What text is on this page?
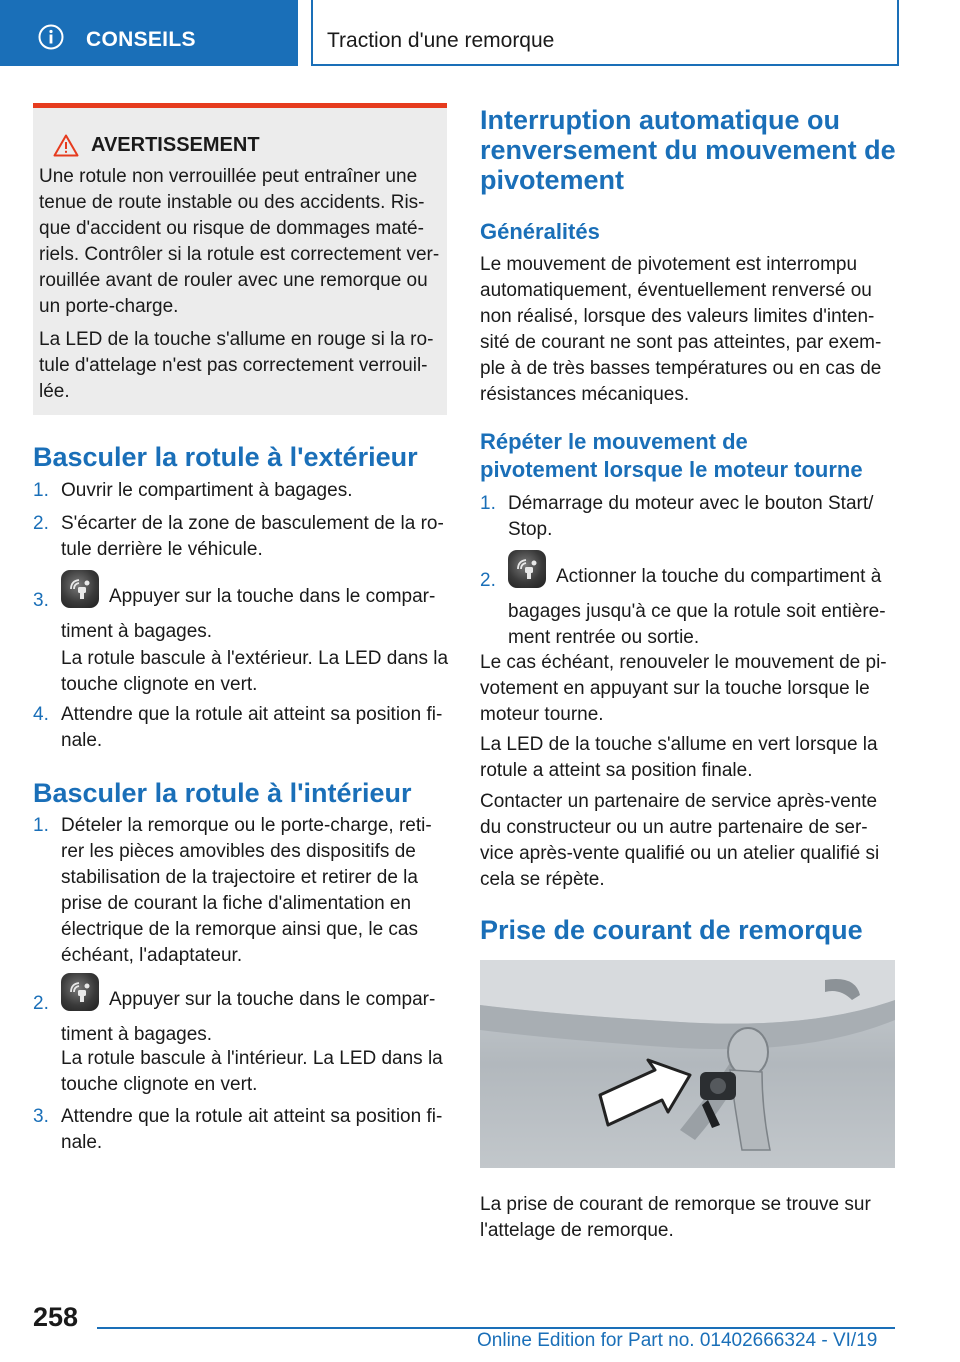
CONSEILS	Traction d'une remorque
AVERTISSEMENT

Une rotule non verrouillée peut entraîner une
tenue de route instable ou des accidents. Ris-
que d'accident ou risque de dommages maté-
riels. Contrôler si la rotule est correctement ver-
rouillée avant de rouler avec une remorque ou
un porte-charge.

La LED de la touche s'allume en rouge si la ro-
tule d'attelage n'est pas correctement verrouil-
lée.

Basculer la rotule à l'extérieur
1. Ouvrir le compartiment à bagages.
2. S'écarter de la zone de basculement de la ro-
tule derrière le véhicule.
3.	Appuyer sur la touche dans le compar-
timent à bagages.
La rotule bascule à l'extérieur. La LED dans la
touche clignote en vert.
4. Attendre que la rotule ait atteint sa position fi-
nale.
Basculer la rotule à l'intérieur
1. Dételer la remorque ou le porte-charge, reti-
rer les pièces amovibles des dispositifs de
stabilisation de la trajectoire et retirer de la
prise de courant la fiche d'alimentation en
électrique de la remorque ainsi que, le cas
échéant, l'adaptateur.
2.	Appuyer sur la touche dans le compar-
timent à bagages.
La rotule bascule à l'intérieur. La LED dans la
touche clignote en vert.
3. Attendre que la rotule ait atteint sa position fi-
nale.
Interruption automatique ou
renversement du mouvement de
pivotement
Généralités
Le mouvement de pivotement est interrompu
automatiquement, éventuellement renversé ou
non réalisé, lorsque des valeurs limites d'inten-
sité de courant ne sont pas atteintes, par exem-
ple à de très basses températures ou en cas de
résistances mécaniques.
Répéter le mouvement de
pivotement lorsque le moteur tourne
1. Démarrage du moteur avec le bouton Start/
Stop.
2.	Actionner la touche du compartiment à
bagages jusqu'à ce que la rotule soit entière-
ment rentrée ou sortie.
Le cas échéant, renouveler le mouvement de pi-
votement en appuyant sur la touche lorsque le
moteur tourne.
La LED de la touche s'allume en vert lorsque la
rotule a atteint sa position finale.
Contacter un partenaire de service après-vente
du constructeur ou un autre partenaire de ser-
vice après-vente qualifié ou un atelier qualifié si
cela se répète.
Prise de courant de remorque
La prise de courant de remorque se trouve sur
l'attelage de remorque.
258
Online Edition for Part no. 01402666324 - VI/19
